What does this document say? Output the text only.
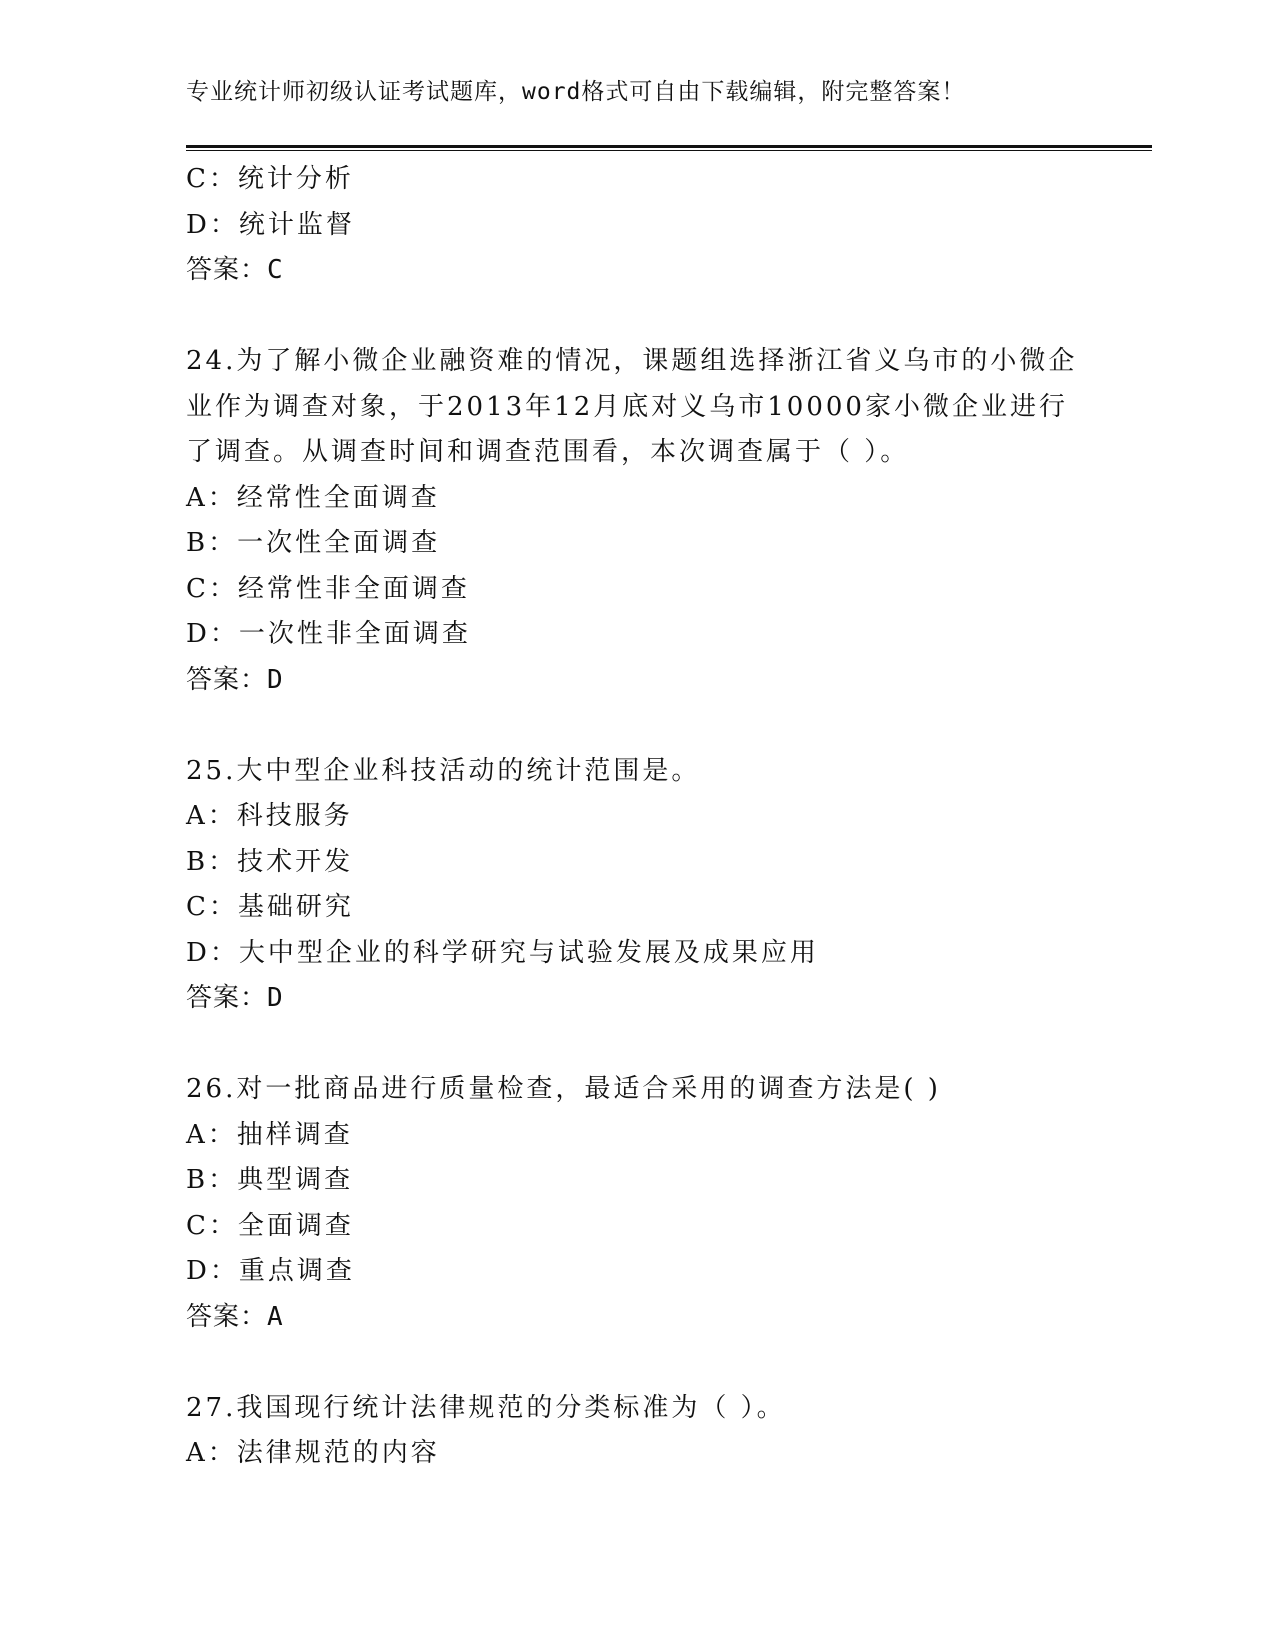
专业统计师初级认证考试题库，word格式可自由下载编辑，附完整答案！
C：统计分析
D：统计监督
答案：C
24.为了解小微企业融资难的情况，课题组选择浙江省义乌市的小微企
业作为调查对象，于2013年12月底对义乌市10000家小微企业进行
了调查。从调查时间和调查范围看，本次调查属于（ ）。
A：经常性全面调查
B：一次性全面调查
C：经常性非全面调查
D：一次性非全面调查
答案：D
25.大中型企业科技活动的统计范围是。
A：科技服务
B：技术开发
C：基础研究
D：大中型企业的科学研究与试验发展及成果应用
答案：D
26.对一批商品进行质量检查，最适合采用的调查方法是( )
A：抽样调查
B：典型调查
C：全面调查
D：重点调查
答案：A
27.我国现行统计法律规范的分类标准为（ ）。
A：法律规范的内容
